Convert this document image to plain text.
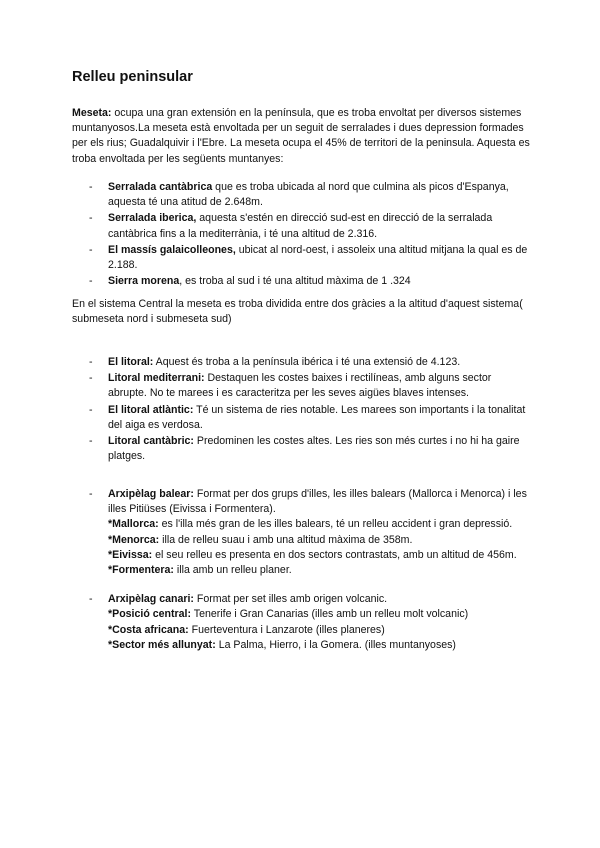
Relleu peninsular

Meseta: ocupa una gran extensión en la península, que es troba envoltat per diversos sistemes muntanyosos.La meseta està envoltada per un seguit de serralades i dues depression formades per els rius; Guadalquivir i l'Ebre. La meseta ocupa el 45% de territori de la peninsula. Aquesta es troba envoltada per les següents muntanyes:

- Serralada cantàbrica que es troba ubicada al nord que culmina als picos d'Espanya, aquesta té una atitud de 2.648m.
- Serralada iberica, aquesta s'estén en direcció sud-est en direcció de la serralada cantàbrica fins a la mediterrània, i té una altitud de 2.316.
- El massís galaicolleones, ubicat al nord-oest, i assoleix una altitud mitjana la qual es de 2.188.
- Sierra morena, es troba al sud i té una altitud màxima de 1 .324

En el sistema Central la meseta es troba dividida entre dos gràcies a la altitud d'aquest sistema( submeseta nord i submeseta sud)

- El litoral: Aquest és troba a la península ibérica i té una extensió de 4.123.
- Litoral mediterrani: Destaquen les costes baixes i rectilíneas, amb alguns sector abrupte. No te marees i es caracteritza per les seves aigües blaves intenses.
- El litoral atlàntic: Té un sistema de ries notable. Les marees son importants i la tonalitat del aiga es verdosa.
- Litoral cantàbric: Predominen les costes altes. Les ries son més curtes i no hi ha gaire platges.
- Arxipèlag balear: Format per dos grups d'illes, les illes balears (Mallorca i Menorca) i les illes Pitiüses (Eivissa i Formentera).
*Mallorca: es l'illa més gran de les illes balears, té un relleu accident i gran depressió.
*Menorca: illa de relleu suau i amb una altitud màxima de 358m.
*Eivissa: el seu relleu es presenta en dos sectors contrastats, amb un altitud de 456m.
*Formentera: illa amb un relleu planer.
- Arxipèlag canari: Format per set illes amb origen volcanic.
*Posició central: Tenerife i Gran Canarias (illes amb un relleu molt volcanic)
*Costa africana: Fuerteventura i Lanzarote (illes planeres)
*Sector més allunyat: La Palma, Hierro, i la Gomera. (illes muntanyoses)
